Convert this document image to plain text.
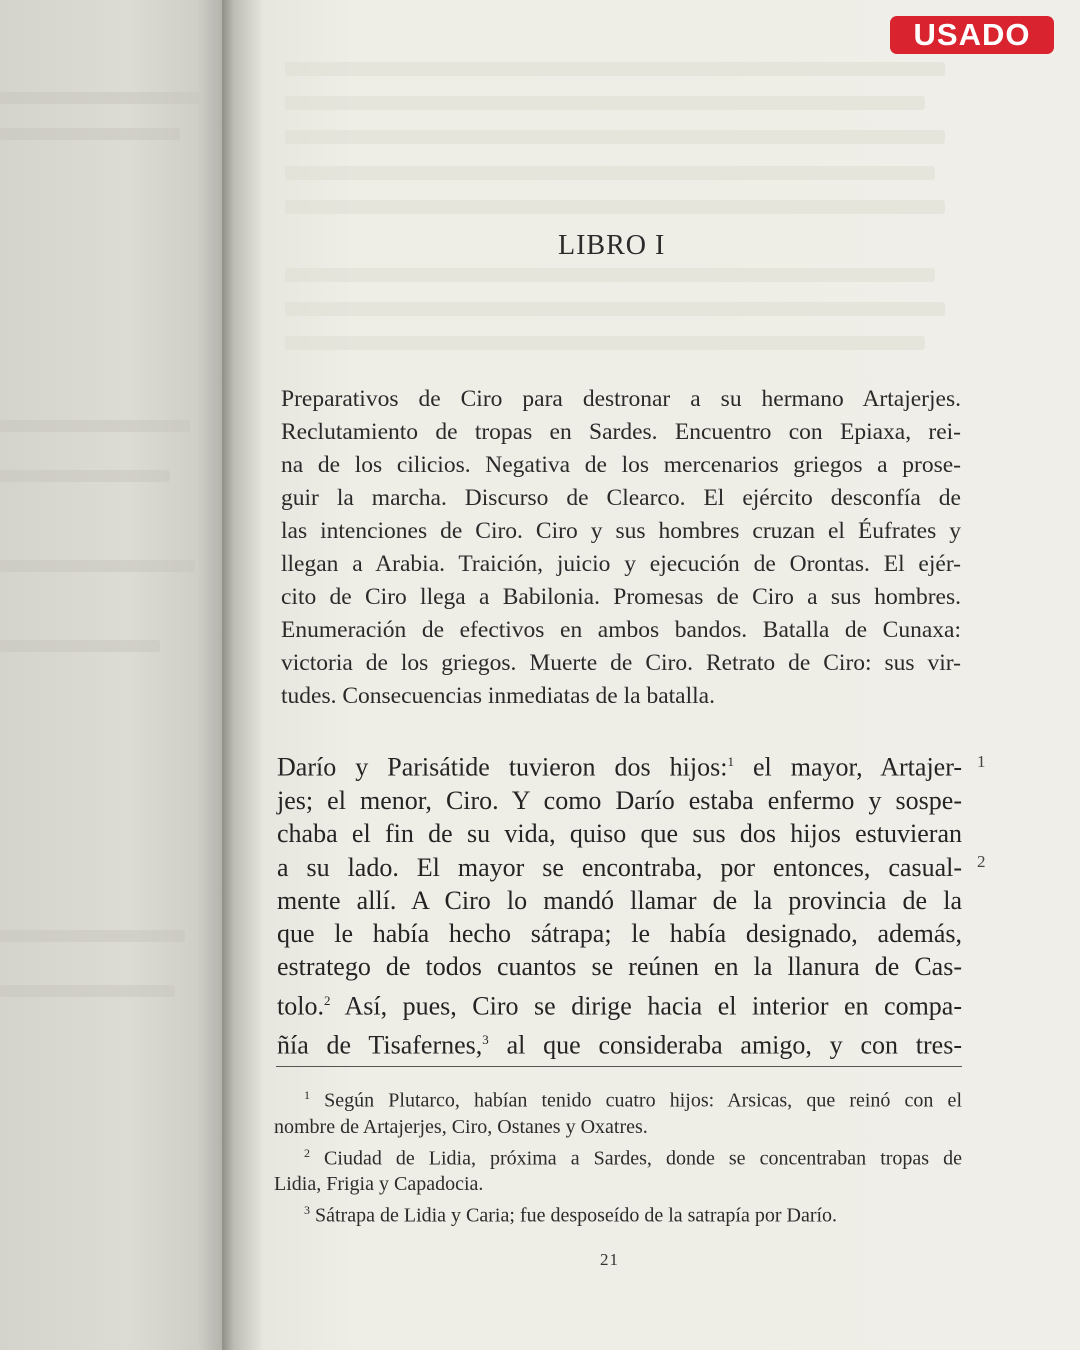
USADO
LIBRO I
Preparativos de Ciro para destronar a su hermano Artajerjes.
Reclutamiento de tropas en Sardes. Encuentro con Epiaxa, rei-
na de los cilicios. Negativa de los mercenarios griegos a prose-
guir la marcha. Discurso de Clearco. El ejército desconfía de
las intenciones de Ciro. Ciro y sus hombres cruzan el Éufrates y
llegan a Arabia. Traición, juicio y ejecución de Orontas. El ejér-
cito de Ciro llega a Babilonia. Promesas de Ciro a sus hombres.
Enumeración de efectivos en ambos bandos. Batalla de Cunaxa:
victoria de los griegos. Muerte de Ciro. Retrato de Ciro: sus vir-
tudes. Consecuencias inmediatas de la batalla.
Darío y Parisátide tuvieron dos hijos:$^1$ el mayor, Artajer-
jes; el menor, Ciro. Y como Darío estaba enfermo y sospe-
chaba el fin de su vida, quiso que sus dos hijos estuvieran
a su lado. El mayor se encontraba, por entonces, casual-
mente allí. A Ciro lo mandó llamar de la provincia de la
que le había hecho sátrapa; le había designado, además,
estratego de todos cuantos se reúnen en la llanura de Cas-
tolo.$^2$ Así, pues, Ciro se dirige hacia el interior en compa-
ñía de Tisafernes,$^3$ al que consideraba amigo, y con tres-
1
2
$^1$ Según Plutarco, habían tenido cuatro hijos: Arsicas, que reinó con el
nombre de Artajerjes, Ciro, Ostanes y Oxatres.
$^2$ Ciudad de Lidia, próxima a Sardes, donde se concentraban tropas de
Lidia, Frigia y Capadocia.
$^3$ Sátrapa de Lidia y Caria; fue desposeído de la satrapía por Darío.
21
